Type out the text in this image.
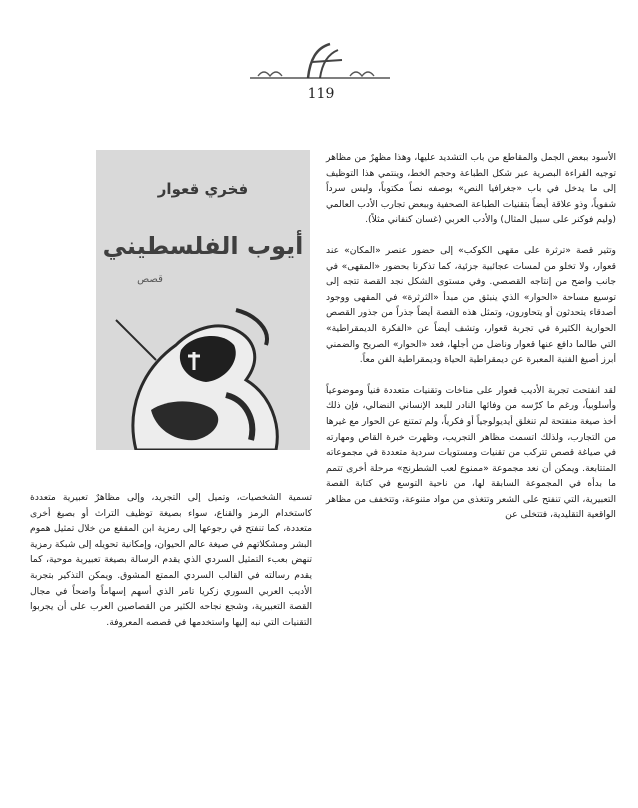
119

الأسود ببعض الجمل والمقاطع من باب التشديد عليها، وهذا مظهرٌ من مظاهر توجيه القراءة البصرية عبر شكل الطباعة وحجم الخط، وينتمي هذا التوظيف إلى ما يدخل في باب «جغرافيا النص» بوصفه نصاً مكتوباً، وليس سرداً شفوياً، وذو علاقة أيضاً بتقنيات الطباعة الصحفية وببعض تجارب الأدب العالمي (وليم فوكنر على سبيل المثال) والأدب العربي (غسان كنفاني مثلاً).

وتثير قصة «ترثرة على مقهى الكوكب» إلى حضور عنصر «المكان» عند قعوار، ولا تخلو من لمسات عجائبية جزئية، كما تذكرنا بحضور «المقهى» في جانب واضح من إنتاجه القصصي. وفي مستوى الشكل نجد القصة تتجه إلى توسيع مساحة «الحوار» الذي ينبثق من مبدأ «الثرثرة» في المقهى ووجود أصدقاء يتحدثون أو يتحاورون، وتمثل هذه القصة أيضاً جذراً من جذور القصص الحوارية الكثيرة في تجربة قعوار، وتشف أيضاً عن «الفكرة الديمقراطية» التي طالما دافع عنها قعوار وناضل من أجلها، فعد «الحوار» الصريح والضمني أبرز أصيغ الفنية المعبرة عن ديمقراطية الحياة وديمقراطية الفن معاً.

لقد انفتحت تجربة الأديب قعوار على مناخات وتقنيات متعددة فنياً وموضوعياً وأسلوبياً، ورغم ما كرّسه من وفائها النادر للبعد الإنساني النضالي، فإن ذلك أخذ صيغة منفتحة لم تنغلق أيديولوجياً أو فكرياً، ولم تمتنع عن الحوار مع غيرها من التجارب، ولذلك اتسمت مظاهر التجريب، وظهرت خبرة القاص ومهارته في صياغة قصص تتركب من تقنيات ومستويات سردية متعددة في مجموعاته المتتابعة. ويمكن أن نعد مجموعة «ممنوع لعب الشطرنج» مرحلة أخرى تتمم ما بدأه في المجموعة السابقة لها، من ناحية التوسع في كتابة القصة التعبيرية، التي تنفتح على الشعر وتتغذى من مواد متنوعة، وتتخفف من مظاهر الواقعية التقليدية، فتتخلى عن

فخري قعوار
أيوب الفلسطيني
قصص

تسمية الشخصيات، وتميل إلى التجريد، وإلى مظاهرٌ تعبيرية متعددة كاستخدام الرمز والقناع، سواء بصيغة توظيف التراث أو بصيغ أخرى متعددة، كما تنفتح في رجوعها إلى رمزية ابن المقفع من خلال تمثيل هموم البشر ومشكلاتهم في صيغة عالم الحيوان، وإمكانية تحويله إلى شبكة رمزية تنهض بعبء التمثيل السردي الذي يقدم الرسالة بصيغة تعبيرية موحية، كما يقدم رسالته في القالب السردي الممتع المشوق. ويمكن التذكير بتجربة الأديب العربي السوري زكريا تامر الذي أسهم إسهاماً واضحاً في مجال القصة التعبيرية، وشجع نجاحه الكثير من القصاصين العرب على أن يجربوا التقنيات التي نبه إليها واستخدمها في قصصه المعروفة.
